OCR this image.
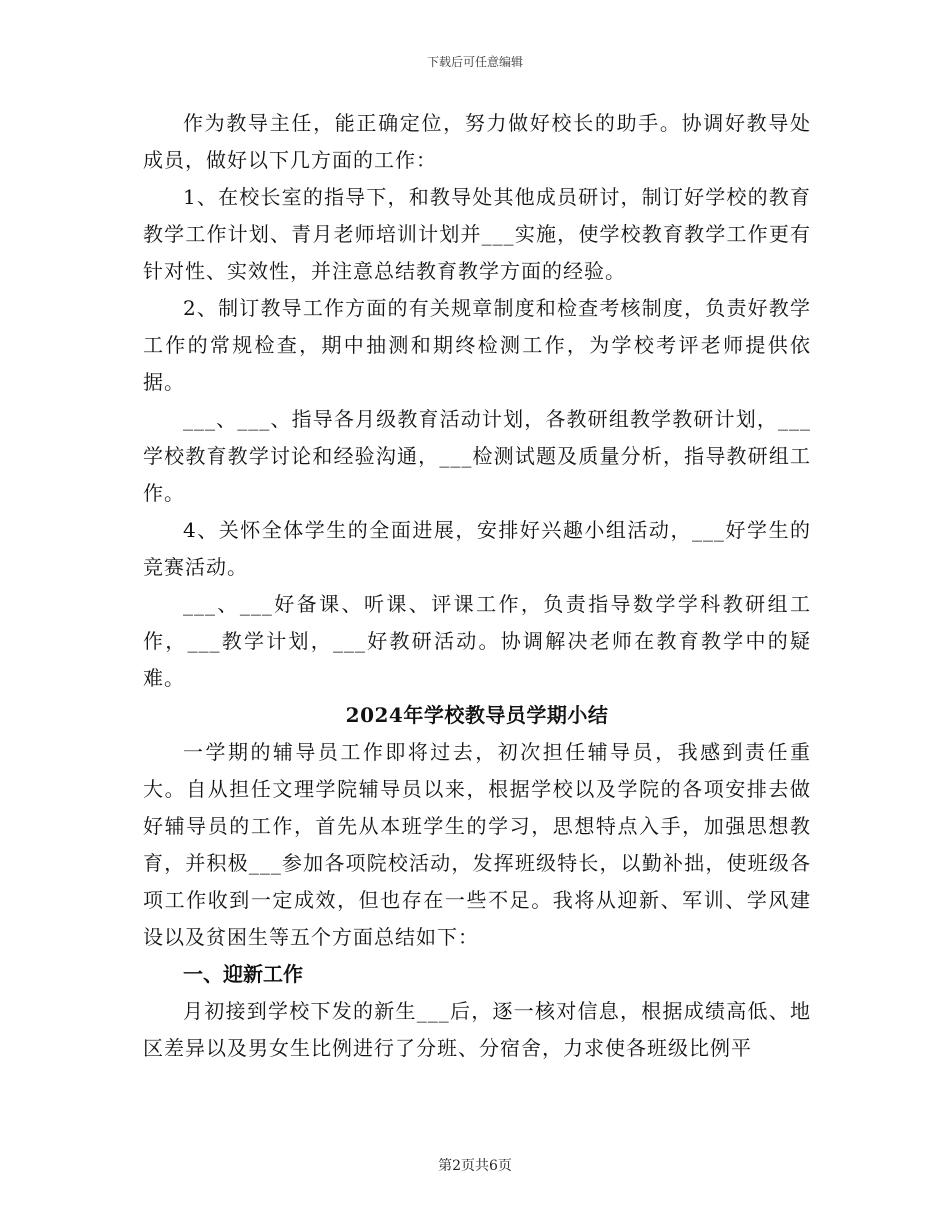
下载后可任意编辑

作为教导主任，能正确定位，努力做好校长的助手。协调好教导处成员，做好以下几方面的工作：

1、在校长室的指导下，和教导处其他成员研讨，制订好学校的教育教学工作计划、青月老师培训计划并___实施，使学校教育教学工作更有针对性、实效性，并注意总结教育教学方面的经验。

2、制订教导工作方面的有关规章制度和检查考核制度，负责好教学工作的常规检查，期中抽测和期终检测工作，为学校考评老师提供依据。

___、___、指导各月级教育活动计划，各教研组教学教研计划，___学校教育教学讨论和经验沟通，___检测试题及质量分析，指导教研组工作。

4、关怀全体学生的全面进展，安排好兴趣小组活动，___好学生的竞赛活动。

___、___好备课、听课、评课工作，负责指导数学学科教研组工作，___教学计划，___好教研活动。协调解决老师在教育教学中的疑难。

2024年学校教导员学期小结

一学期的辅导员工作即将过去，初次担任辅导员，我感到责任重大。自从担任文理学院辅导员以来，根据学校以及学院的各项安排去做好辅导员的工作，首先从本班学生的学习，思想特点入手，加强思想教育，并积极___参加各项院校活动，发挥班级特长，以勤补拙，使班级各项工作收到一定成效，但也存在一些不足。我将从迎新、军训、学风建设以及贫困生等五个方面总结如下：

一、迎新工作

月初接到学校下发的新生___后，逐一核对信息，根据成绩高低、地区差异以及男女生比例进行了分班、分宿舍，力求使各班级比例平

第2页共6页
